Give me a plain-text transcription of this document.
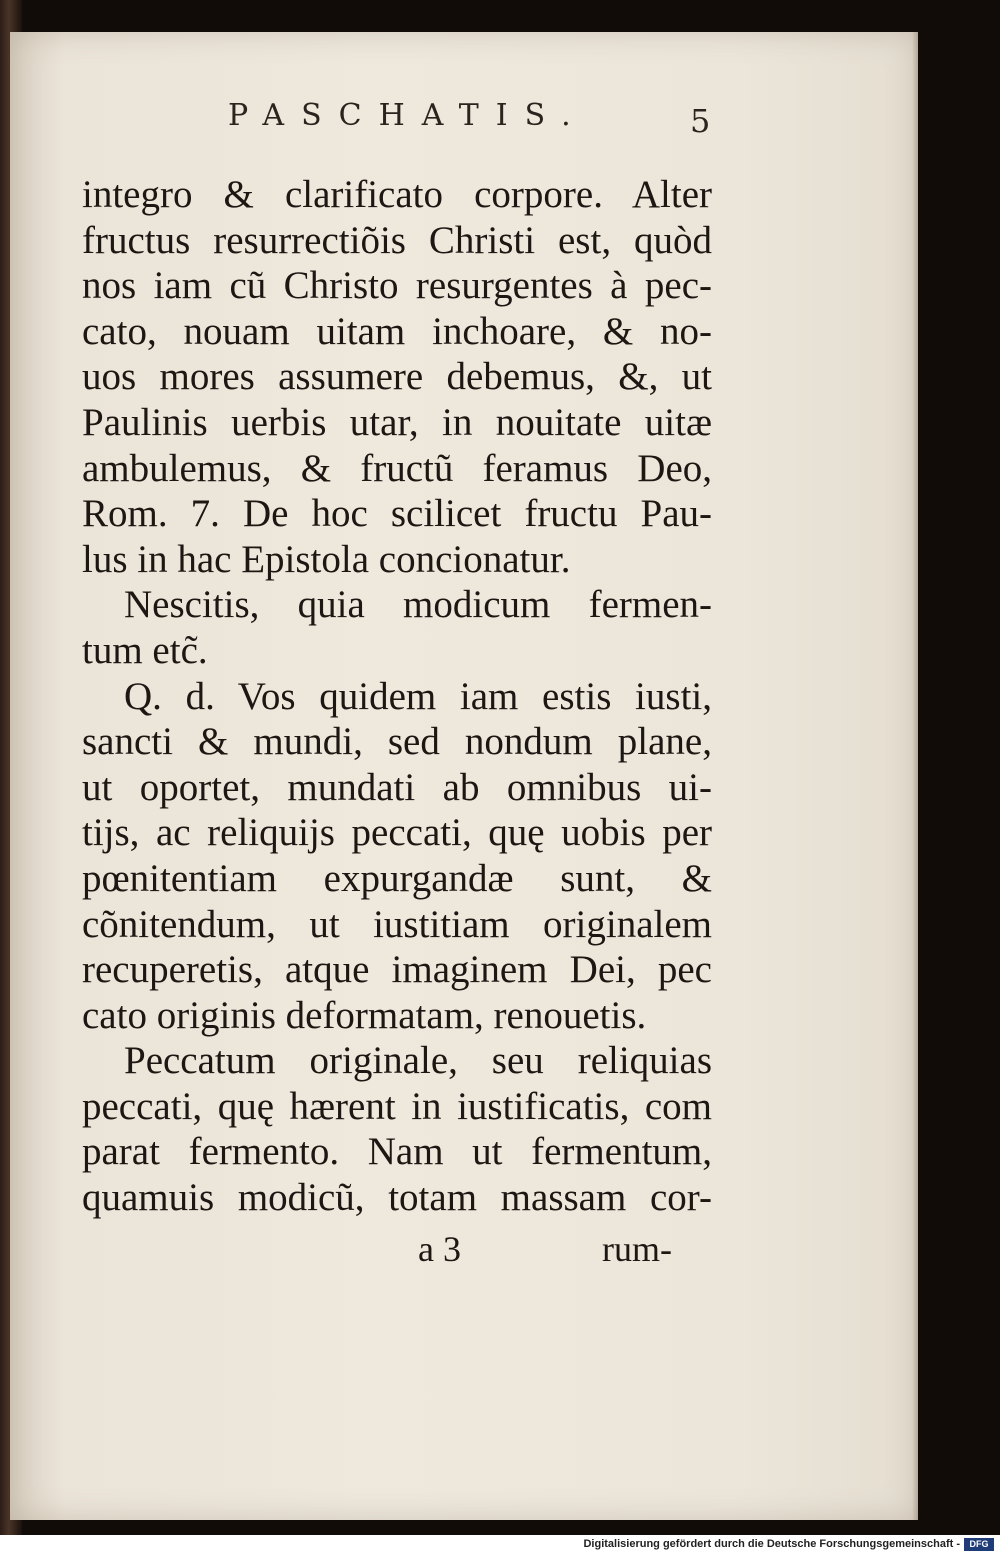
PASCHATIS.	5
integro & clarificato corpore. Alter
fructus resurrectiõis Christi est, quòd
nos iam cũ Christo resurgentes à pec-
cato, nouam uitam inchoare, & no-
uos mores assumere debemus, &, ut
Paulinis uerbis utar, in nouitate uitæ
ambulemus, & fructũ feramus Deo,
Rom. 7. De hoc scilicet fructu Pau-
lus in hac Epistola concionatur.
Nescitis, quia modicum fermen-
tum etc̃.
Q. d. Vos quidem iam estis iusti,
sancti & mundi, sed nondum plane,
ut oportet, mundati ab omnibus ui-
tijs, ac reliquijs peccati, quę uobis per
pœnitentiam expurgandæ sunt, &
cõnitendum, ut iustitiam originalem
recuperetis, atque imaginem Dei, pec
cato originis deformatam, renouetis.
Peccatum originale, seu reliquias
peccati, quę hærent in iustificatis, com
parat fermento. Nam ut fermentum,
quamuis modicũ, totam massam cor-
a 3	rum-
Digitalisierung gefördert durch die Deutsche Forschungsgemeinschaft -	DFG
